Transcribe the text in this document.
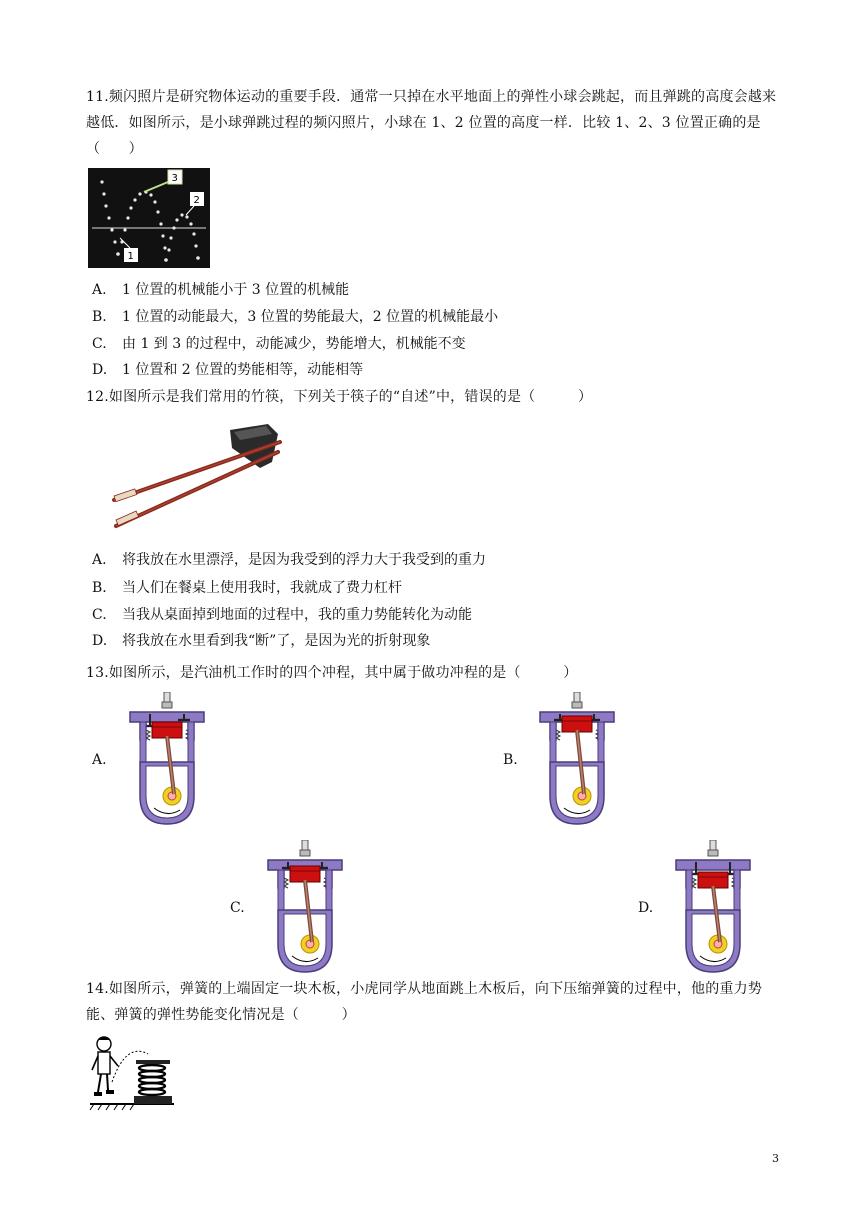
11.频闪照片是研究物体运动的重要手段．通常一只掉在水平地面上的弹性小球会跳起，而且弹跳的高度会越来越低．如图所示，是小球弹跳过程的频闪照片，小球在 1、2 位置的高度一样．比较 1、2、3 位置正确的是（　　）
3
2
1
A. 1 位置的机械能小于 3 位置的机械能
B. 1 位置的动能最大，3 位置的势能最大，2 位置的机械能最小
C. 由 1 到 3 的过程中，动能减少，势能增大，机械能不变
D. 1 位置和 2 位置的势能相等，动能相等
12.如图所示是我们常用的竹筷，下列关于筷子的“自述”中，错误的是（　　　）
A. 将我放在水里漂浮，是因为我受到的浮力大于我受到的重力
B. 当人们在餐桌上使用我时，我就成了费力杠杆
C. 当我从桌面掉到地面的过程中，我的重力势能转化为动能
D. 将我放在水里看到我“断”了，是因为光的折射现象
13.如图所示，是汽油机工作时的四个冲程，其中属于做功冲程的是（　　　）
A.	B.
C.	D.
14.如图所示，弹簧的上端固定一块木板，小虎同学从地面跳上木板后，向下压缩弹簧的过程中，他的重力势能、弹簧的弹性势能变化情况是（　　　）
3
